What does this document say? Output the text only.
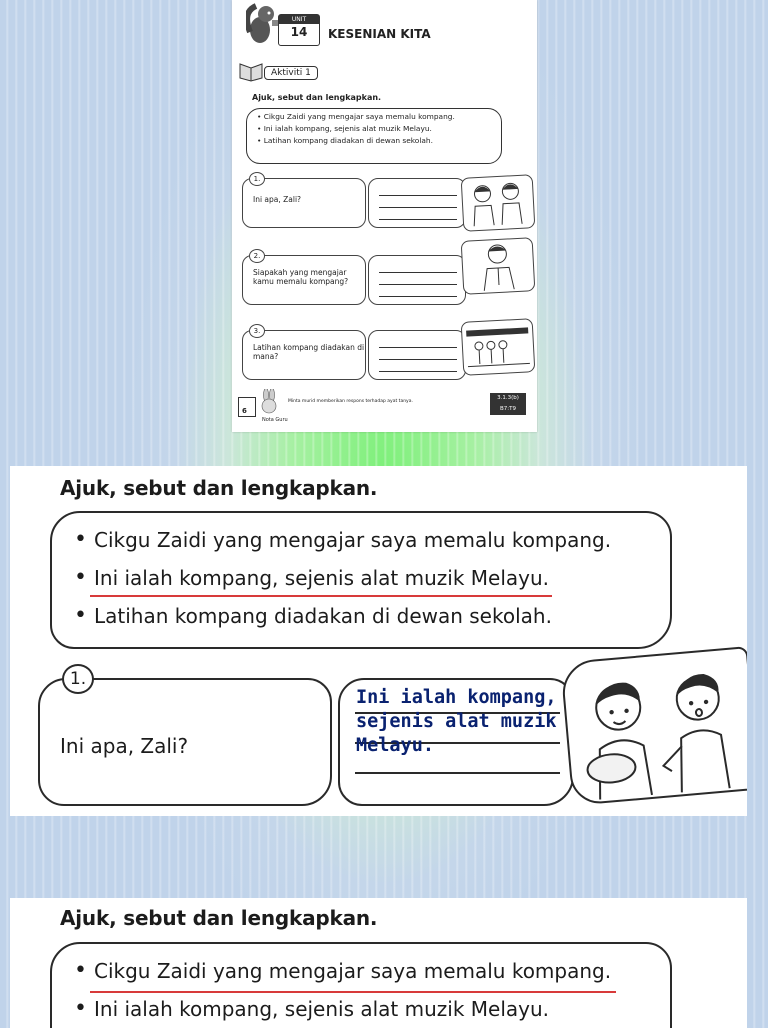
UNIT
14	KESENIAN KITA
Aktiviti 1
Ajuk, sebut dan lengkapkan.
• Cikgu Zaidi yang mengajar saya memalu kompang.
• Ini ialah kompang, sejenis alat muzik Melayu.
• Latihan kompang diadakan di dewan sekolah.
1.
Ini apa, Zali?
2.
Siapakah yang mengajar kamu memalu kompang?
3.
Latihan kompang diadakan di mana?
6
Minta murid memberikan respons terhadap ayat tanya.
Nota Guru
3.1.3(b) B7:T9
Ajuk, sebut dan lengkapkan.
• Cikgu Zaidi yang mengajar saya memalu kompang.
• Ini ialah kompang, sejenis alat muzik Melayu.
• Latihan kompang diadakan di dewan sekolah.
1.
Ini apa, Zali?
Ini ialah kompang,
sejenis alat muzik
Melayu.
Ajuk, sebut dan lengkapkan.
• Cikgu Zaidi yang mengajar saya memalu kompang.
• Ini ialah kompang, sejenis alat muzik Melayu.
